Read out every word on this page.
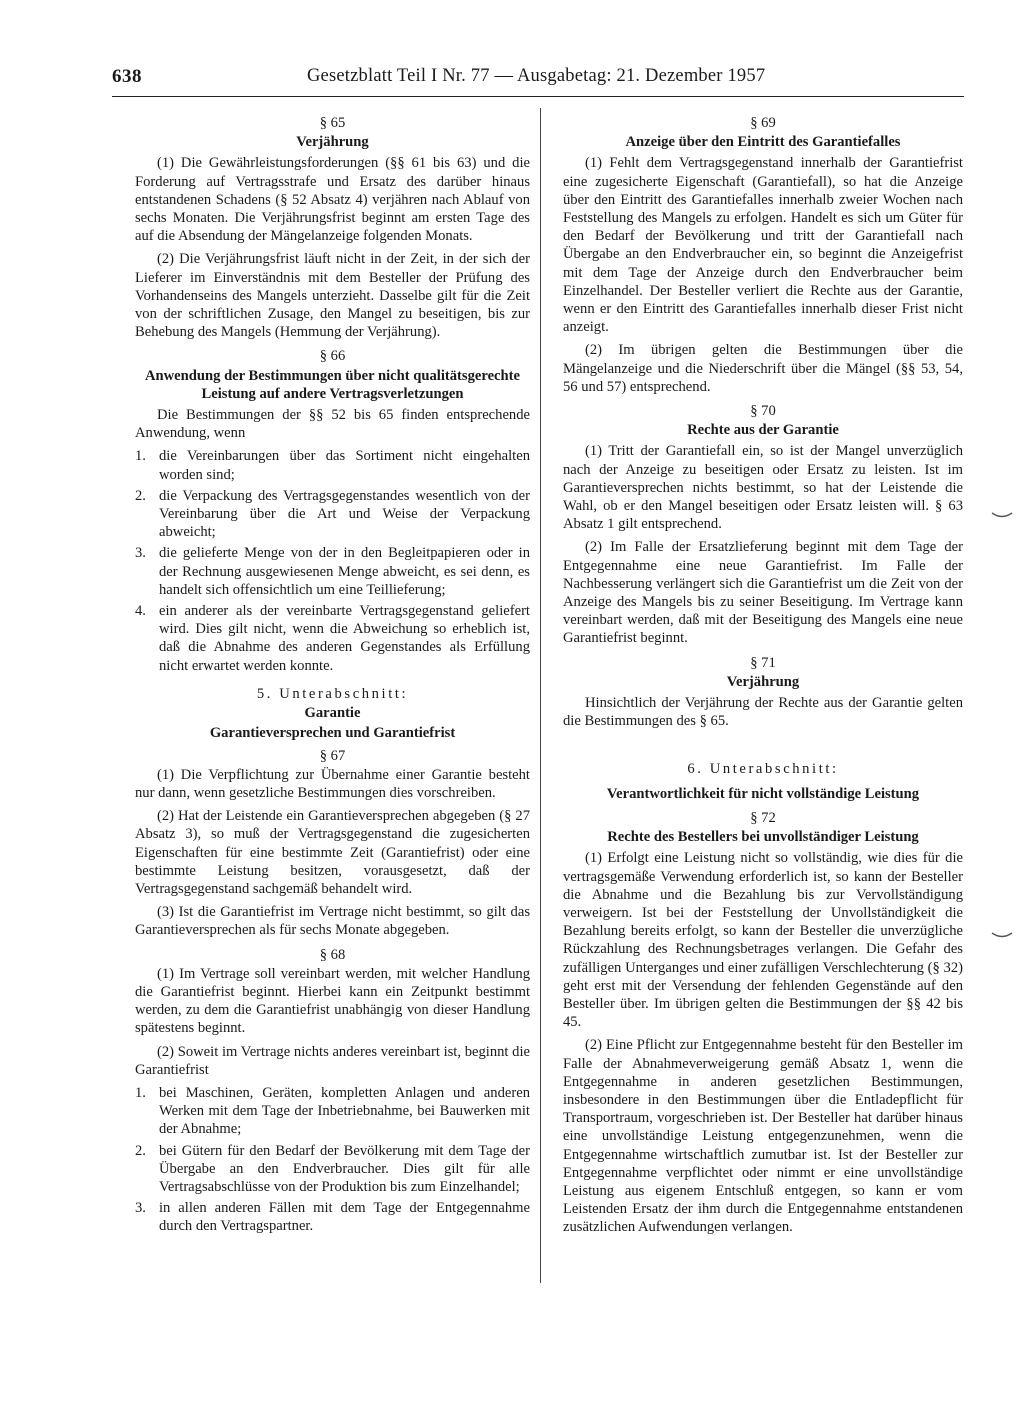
638	Gesetzblatt Teil I Nr. 77 — Ausgabetag: 21. Dezember 1957

§ 65

Verjährung

(1) Die Gewährleistungsforderungen (§§ 61 bis 63) und die Forderung auf Vertragsstrafe und Ersatz des darüber hinaus entstandenen Schadens (§ 52 Absatz 4) verjähren nach Ablauf von sechs Monaten. Die Verjährungsfrist beginnt am ersten Tage des auf die Absendung der Mängelanzeige folgenden Monats.

(2) Die Verjährungsfrist läuft nicht in der Zeit, in der sich der Lieferer im Einverständnis mit dem Besteller der Prüfung des Vorhandenseins des Mangels unterzieht. Dasselbe gilt für die Zeit von der schriftlichen Zusage, den Mangel zu beseitigen, bis zur Behebung des Mangels (Hemmung der Verjährung).

§ 66

Anwendung der Bestimmungen über nicht qualitätsgerechte Leistung auf andere Vertragsverletzungen

Die Bestimmungen der §§ 52 bis 65 finden entsprechende Anwendung, wenn

1. die Vereinbarungen über das Sortiment nicht eingehalten worden sind;
2. die Verpackung des Vertragsgegenstandes wesentlich von der Vereinbarung über die Art und Weise der Verpackung abweicht;
3. die gelieferte Menge von der in den Begleitpapieren oder in der Rechnung ausgewiesenen Menge abweicht, es sei denn, es handelt sich offensichtlich um eine Teillieferung;
4. ein anderer als der vereinbarte Vertragsgegenstand geliefert wird. Dies gilt nicht, wenn die Abweichung so erheblich ist, daß die Abnahme des anderen Gegenstandes als Erfüllung nicht erwartet werden konnte.

5. Unterabschnitt:

Garantie

Garantieversprechen und Garantiefrist

§ 67

(1) Die Verpflichtung zur Übernahme einer Garantie besteht nur dann, wenn gesetzliche Bestimmungen dies vorschreiben.

(2) Hat der Leistende ein Garantieversprechen abgegeben (§ 27 Absatz 3), so muß der Vertragsgegenstand die zugesicherten Eigenschaften für eine bestimmte Zeit (Garantiefrist) oder eine bestimmte Leistung besitzen, vorausgesetzt, daß der Vertragsgegenstand sachgemäß behandelt wird.

(3) Ist die Garantiefrist im Vertrage nicht bestimmt, so gilt das Garantieversprechen als für sechs Monate abgegeben.

§ 68

(1) Im Vertrage soll vereinbart werden, mit welcher Handlung die Garantiefrist beginnt. Hierbei kann ein Zeitpunkt bestimmt werden, zu dem die Garantiefrist unabhängig von dieser Handlung spätestens beginnt.

(2) Soweit im Vertrage nichts anderes vereinbart ist, beginnt die Garantiefrist

1. bei Maschinen, Geräten, kompletten Anlagen und anderen Werken mit dem Tage der Inbetriebnahme, bei Bauwerken mit der Abnahme;
2. bei Gütern für den Bedarf der Bevölkerung mit dem Tage der Übergabe an den Endverbraucher. Dies gilt für alle Vertragsabschlüsse von der Produktion bis zum Einzelhandel;
3. in allen anderen Fällen mit dem Tage der Entgegennahme durch den Vertragspartner.

§ 69

Anzeige über den Eintritt des Garantiefalles

(1) Fehlt dem Vertragsgegenstand innerhalb der Garantiefrist eine zugesicherte Eigenschaft (Garantiefall), so hat die Anzeige über den Eintritt des Garantiefalles innerhalb zweier Wochen nach Feststellung des Mangels zu erfolgen. Handelt es sich um Güter für den Bedarf der Bevölkerung und tritt der Garantiefall nach Übergabe an den Endverbraucher ein, so beginnt die Anzeigefrist mit dem Tage der Anzeige durch den Endverbraucher beim Einzelhandel. Der Besteller verliert die Rechte aus der Garantie, wenn er den Eintritt des Garantiefalles innerhalb dieser Frist nicht anzeigt.

(2) Im übrigen gelten die Bestimmungen über die Mängelanzeige und die Niederschrift über die Mängel (§§ 53, 54, 56 und 57) entsprechend.

§ 70

Rechte aus der Garantie

(1) Tritt der Garantiefall ein, so ist der Mangel unverzüglich nach der Anzeige zu beseitigen oder Ersatz zu leisten. Ist im Garantieversprechen nichts bestimmt, so hat der Leistende die Wahl, ob er den Mangel beseitigen oder Ersatz leisten will. § 63 Absatz 1 gilt entsprechend.

(2) Im Falle der Ersatzlieferung beginnt mit dem Tage der Entgegennahme eine neue Garantiefrist. Im Falle der Nachbesserung verlängert sich die Garantiefrist um die Zeit von der Anzeige des Mangels bis zu seiner Beseitigung. Im Vertrage kann vereinbart werden, daß mit der Beseitigung des Mangels eine neue Garantiefrist beginnt.

§ 71

Verjährung

Hinsichtlich der Verjährung der Rechte aus der Garantie gelten die Bestimmungen des § 65.

6. Unterabschnitt:

Verantwortlichkeit für nicht vollständige Leistung

§ 72

Rechte des Bestellers bei unvollständiger Leistung

(1) Erfolgt eine Leistung nicht so vollständig, wie dies für die vertragsgemäße Verwendung erforderlich ist, so kann der Besteller die Abnahme und die Bezahlung bis zur Vervollständigung verweigern. Ist bei der Feststellung der Unvollständigkeit die Bezahlung bereits erfolgt, so kann der Besteller die unverzügliche Rückzahlung des Rechnungsbetrages verlangen. Die Gefahr des zufälligen Unterganges und einer zufälligen Verschlechterung (§ 32) geht erst mit der Versendung der fehlenden Gegenstände auf den Besteller über. Im übrigen gelten die Bestimmungen der §§ 42 bis 45.

(2) Eine Pflicht zur Entgegennahme besteht für den Besteller im Falle der Abnahmeverweigerung gemäß Absatz 1, wenn die Entgegennahme in anderen gesetzlichen Bestimmungen, insbesondere in den Bestimmungen über die Entladepflicht für Transportraum, vorgeschrieben ist. Der Besteller hat darüber hinaus eine unvollständige Leistung entgegenzunehmen, wenn die Entgegennahme wirtschaftlich zumutbar ist. Ist der Besteller zur Entgegennahme verpflichtet oder nimmt er eine unvollständige Leistung aus eigenem Entschluß entgegen, so kann er vom Leistenden Ersatz der ihm durch die Entgegennahme entstandenen zusätzlichen Aufwendungen verlangen.
